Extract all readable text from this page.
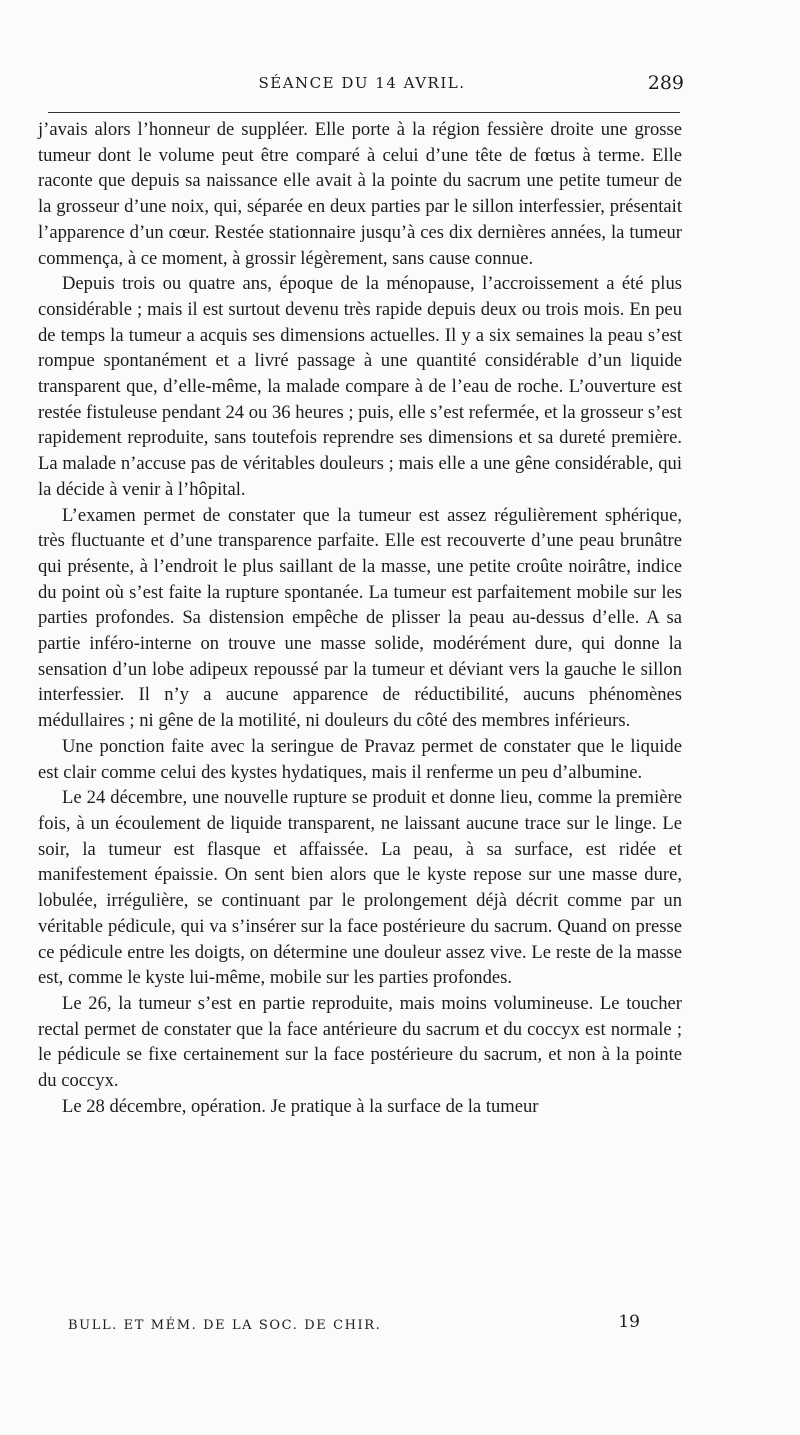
SÉANCE DU 14 AVRIL.	289

j’avais alors l’honneur de suppléer. Elle porte à la région fessière droite une grosse tumeur dont le volume peut être comparé à celui d’une tête de fœtus à terme. Elle raconte que depuis sa naissance elle avait à la pointe du sacrum une petite tumeur de la grosseur d’une noix, qui, séparée en deux parties par le sillon interfessier, présentait l’apparence d’un cœur. Restée stationnaire jusqu’à ces dix dernières années, la tumeur commença, à ce moment, à grossir légèrement, sans cause connue.

Depuis trois ou quatre ans, époque de la ménopause, l’accroissement a été plus considérable ; mais il est surtout devenu très rapide depuis deux ou trois mois. En peu de temps la tumeur a acquis ses dimensions actuelles. Il y a six semaines la peau s’est rompue spontanément et a livré passage à une quantité considérable d’un liquide transparent que, d’elle-même, la malade compare à de l’eau de roche. L’ouverture est restée fistuleuse pendant 24 ou 36 heures ; puis, elle s’est refermée, et la grosseur s’est rapidement reproduite, sans toutefois reprendre ses dimensions et sa dureté première. La malade n’accuse pas de véritables douleurs ; mais elle a une gêne considérable, qui la décide à venir à l’hôpital.

L’examen permet de constater que la tumeur est assez régulièrement sphérique, très fluctuante et d’une transparence parfaite. Elle est recouverte d’une peau brunâtre qui présente, à l’endroit le plus saillant de la masse, une petite croûte noirâtre, indice du point où s’est faite la rupture spontanée. La tumeur est parfaitement mobile sur les parties profondes. Sa distension empêche de plisser la peau au-dessus d’elle. A sa partie inféro-interne on trouve une masse solide, modérément dure, qui donne la sensation d’un lobe adipeux repoussé par la tumeur et déviant vers la gauche le sillon interfessier. Il n’y a aucune apparence de réductibilité, aucuns phénomènes médullaires ; ni gêne de la motilité, ni douleurs du côté des membres inférieurs.

Une ponction faite avec la seringue de Pravaz permet de constater que le liquide est clair comme celui des kystes hydatiques, mais il renferme un peu d’albumine.

Le 24 décembre, une nouvelle rupture se produit et donne lieu, comme la première fois, à un écoulement de liquide transparent, ne laissant aucune trace sur le linge. Le soir, la tumeur est flasque et affaissée. La peau, à sa surface, est ridée et manifestement épaissie. On sent bien alors que le kyste repose sur une masse dure, lobulée, irrégulière, se continuant par le prolongement déjà décrit comme par un véritable pédicule, qui va s’insérer sur la face postérieure du sacrum. Quand on presse ce pédicule entre les doigts, on détermine une douleur assez vive. Le reste de la masse est, comme le kyste lui-même, mobile sur les parties profondes.

Le 26, la tumeur s’est en partie reproduite, mais moins volumineuse. Le toucher rectal permet de constater que la face antérieure du sacrum et du coccyx est normale ; le pédicule se fixe certainement sur la face postérieure du sacrum, et non à la pointe du coccyx.

Le 28 décembre, opération. Je pratique à la surface de la tumeur

BULL. ET MÉM. DE LA SOC. DE CHIR.	19
